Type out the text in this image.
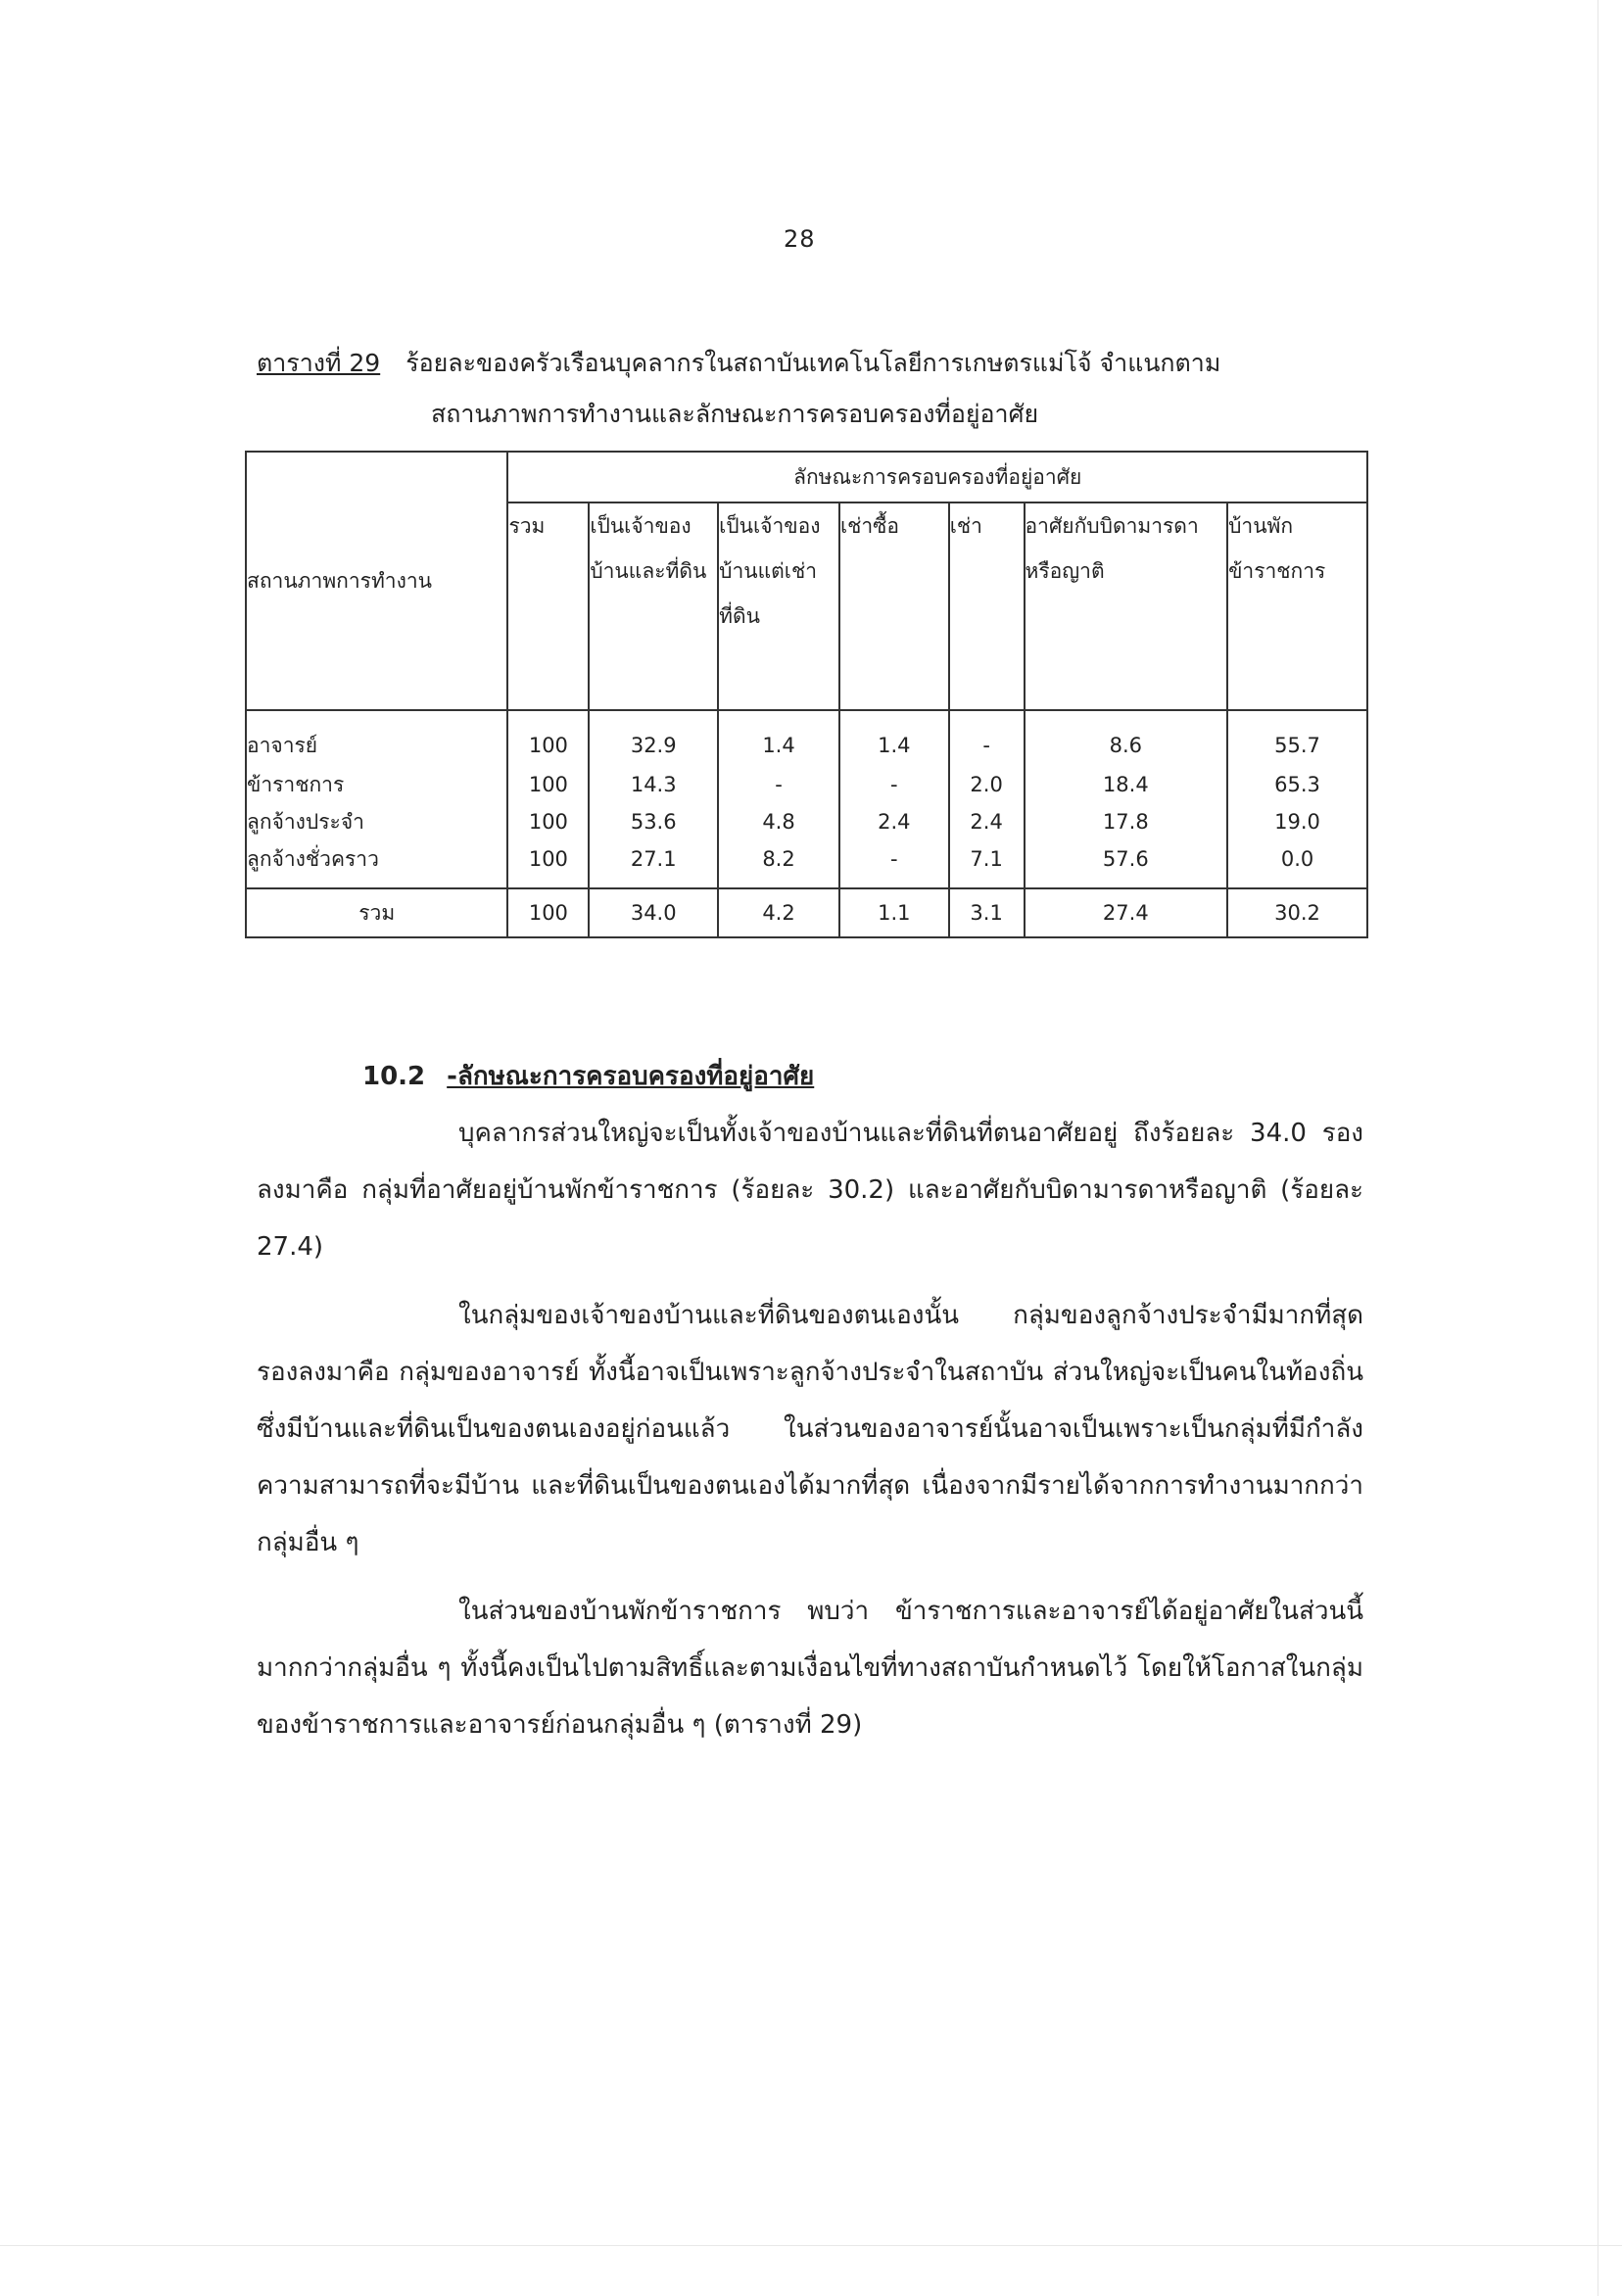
28
ตารางที่ 29 ร้อยละของครัวเรือนบุคลากรในสถาบันเทคโนโลยีการเกษตรแม่โจ้ จำแนกตาม
สถานภาพการทำงานและลักษณะการครอบครองที่อยู่อาศัย
สถานภาพการทำงาน	ลักษณะการครอบครองที่อยู่อาศัย						
	รวม	เป็นเจ้าของบ้านและที่ดิน	เป็นเจ้าของบ้านแต่เช่าที่ดิน	เช่าซื้อ	เช่า	อาศัยกับบิดามารดาหรือญาติ	บ้านพักข้าราชการ
อาจารย์	100	32.9	1.4	1.4	-	8.6	55.7
ข้าราชการ	100	14.3	-	-	2.0	18.4	65.3
ลูกจ้างประจำ	100	53.6	4.8	2.4	2.4	17.8	19.0
ลูกจ้างชั่วคราว	100	27.1	8.2	-	7.1	57.6	0.0
รวม	100	34.0	4.2	1.1	3.1	27.4	30.2
10.2 -ลักษณะการครอบครองที่อยู่อาศัย

บุคลากรส่วนใหญ่จะเป็นทั้งเจ้าของบ้านและที่ดินที่ตนอาศัยอยู่ ถึงร้อยละ 34.0 รองลงมาคือ กลุ่มที่อาศัยอยู่บ้านพักข้าราชการ (ร้อยละ 30.2) และอาศัยกับบิดามารดาหรือญาติ (ร้อยละ 27.4)

ในกลุ่มของเจ้าของบ้านและที่ดินของตนเองนั้น กลุ่มของลูกจ้างประจำมีมากที่สุด รองลงมาคือ กลุ่มของอาจารย์ ทั้งนี้อาจเป็นเพราะลูกจ้างประจำในสถาบัน ส่วนใหญ่จะเป็นคนในท้องถิ่น ซึ่งมีบ้านและที่ดินเป็นของตนเองอยู่ก่อนแล้ว ในส่วนของอาจารย์นั้นอาจเป็นเพราะเป็นกลุ่มที่มีกำลังความสามารถที่จะมีบ้าน และที่ดินเป็นของตนเองได้มากที่สุด เนื่องจากมีรายได้จากการทำงานมากกว่ากลุ่มอื่น ๆ

ในส่วนของบ้านพักข้าราชการ พบว่า ข้าราชการและอาจารย์ได้อยู่อาศัยในส่วนนี้มากกว่ากลุ่มอื่น ๆ ทั้งนี้คงเป็นไปตามสิทธิ์และตามเงื่อนไขที่ทางสถาบันกำหนดไว้ โดยให้โอกาสในกลุ่มของข้าราชการและอาจารย์ก่อนกลุ่มอื่น ๆ (ตารางที่ 29)
